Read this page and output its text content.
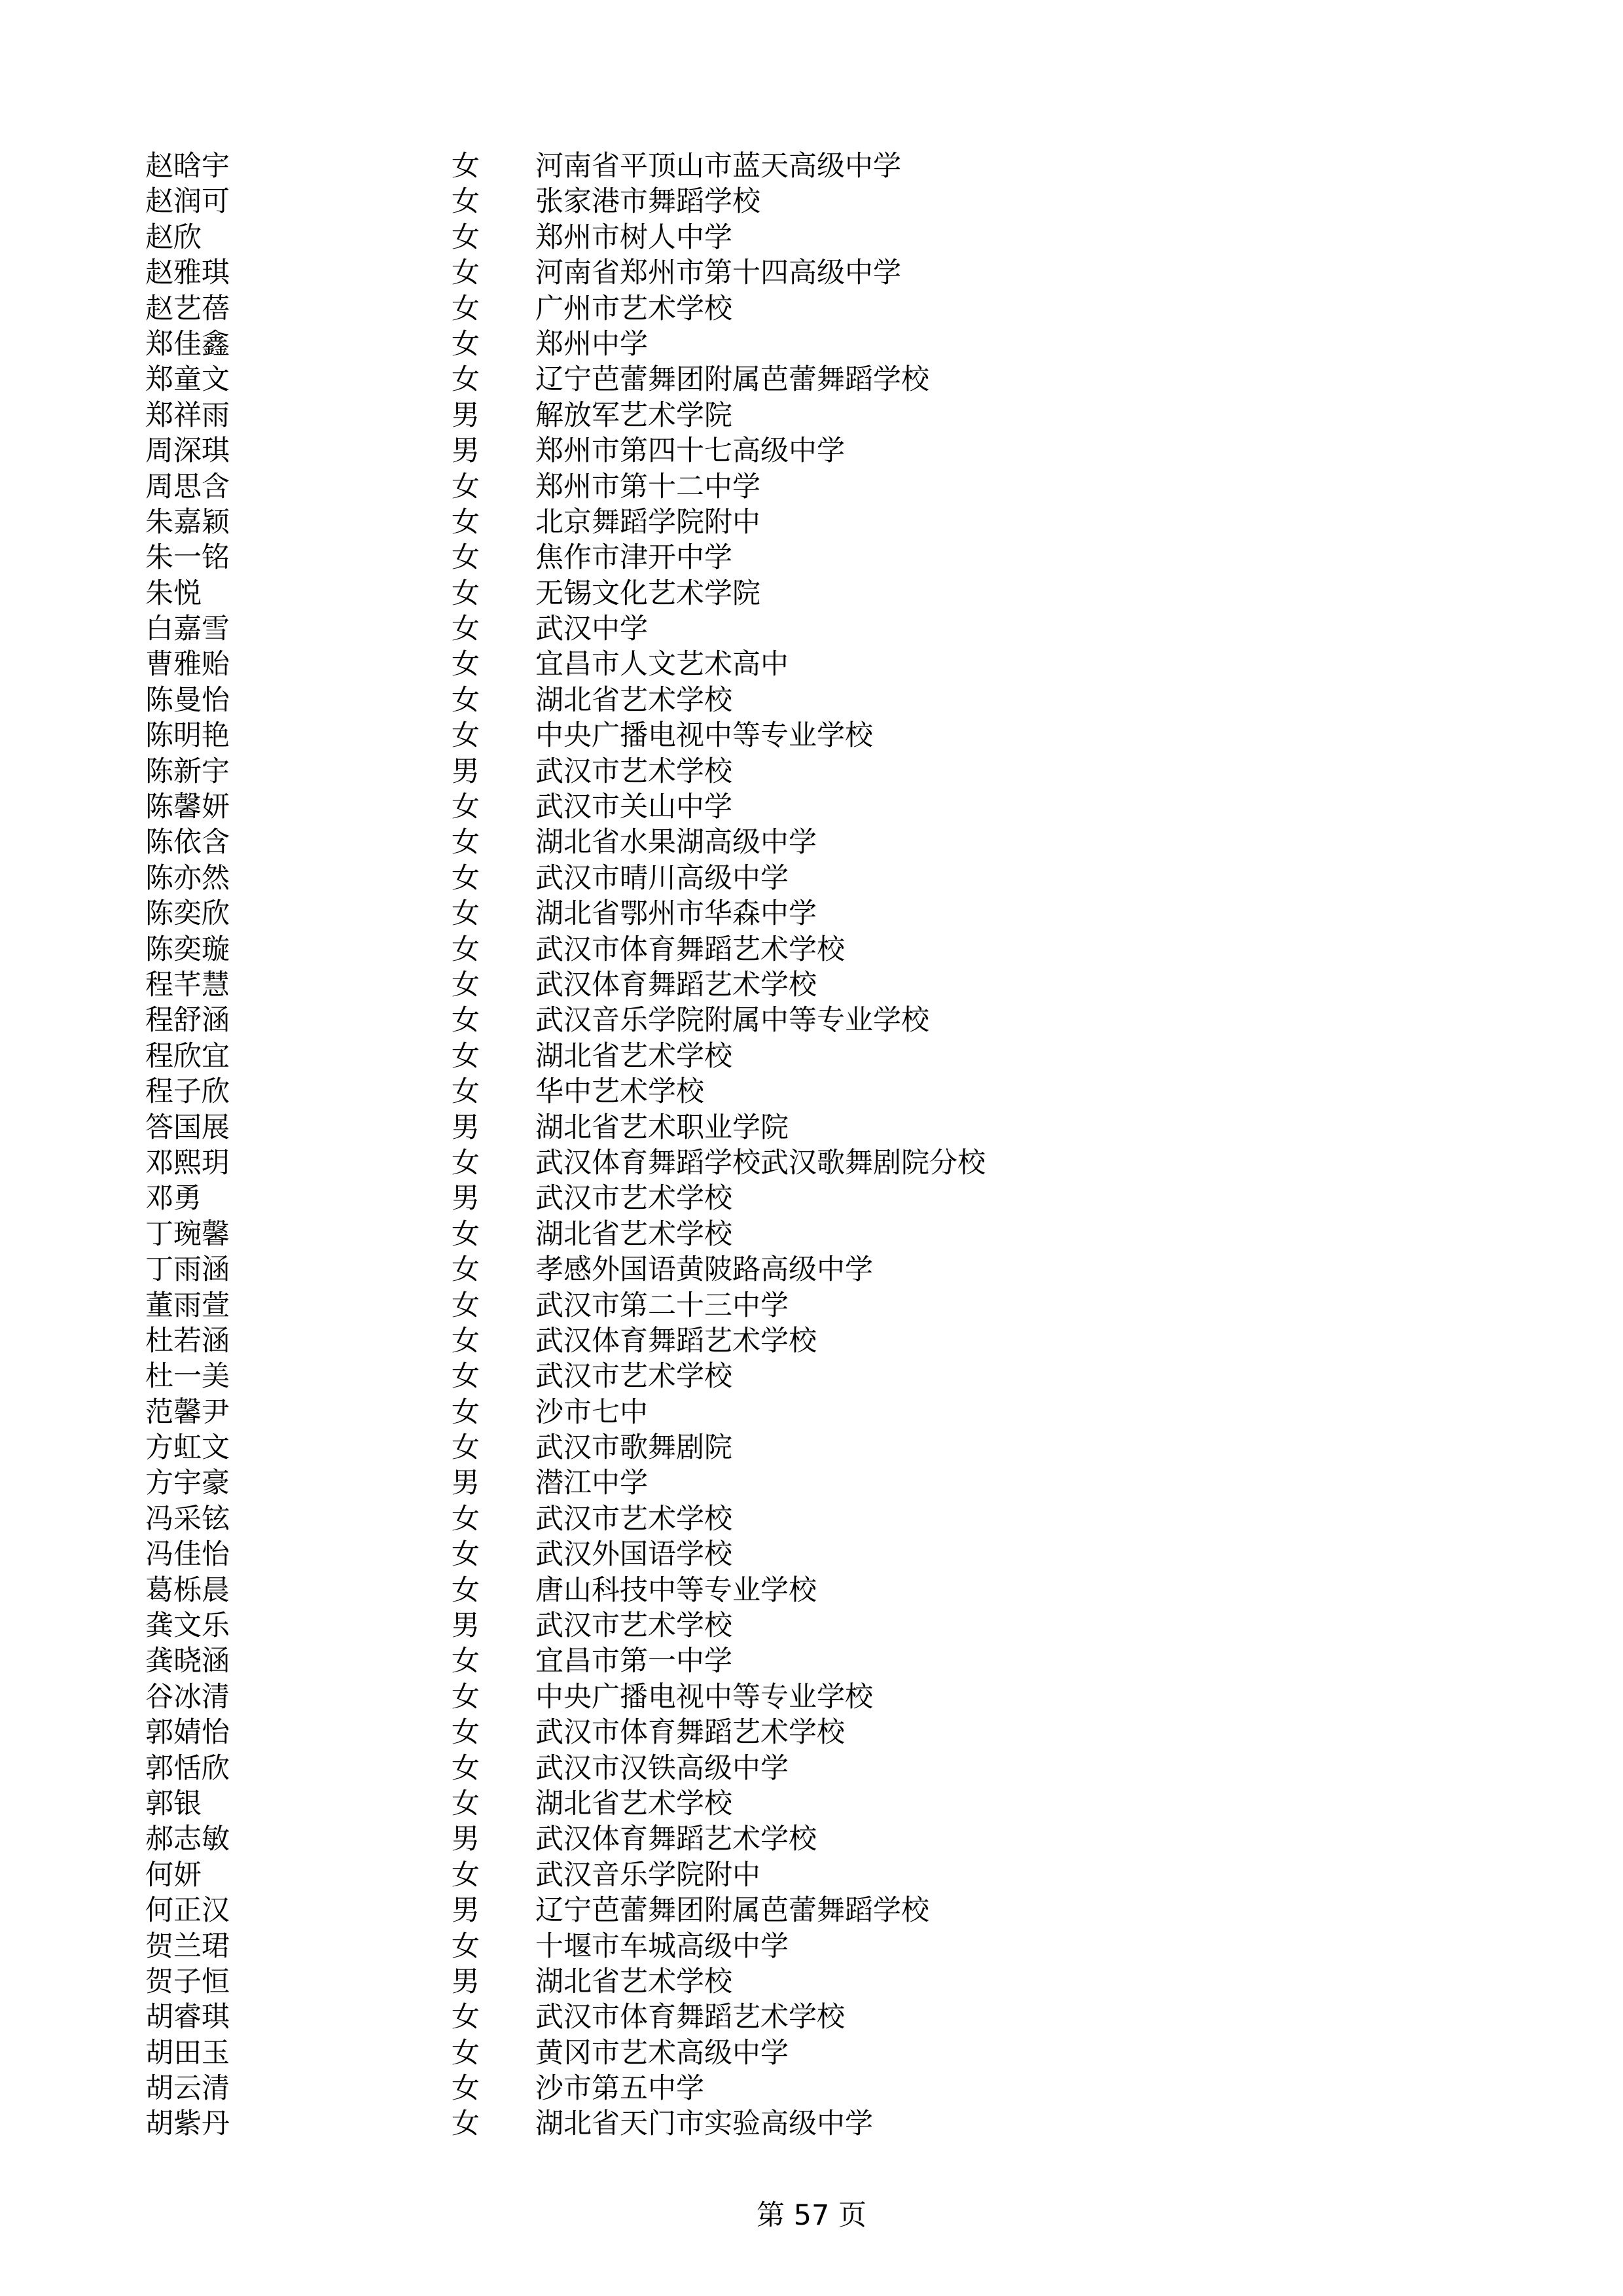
赵晗宇	女 河南省平顶山市蓝天高级中学
赵润可	女 张家港市舞蹈学校
赵欣	女 郑州市树人中学
赵雅琪	女 河南省郑州市第十四高级中学
赵艺蓓	女 广州市艺术学校
郑佳鑫	女 郑州中学
郑童文	女 辽宁芭蕾舞团附属芭蕾舞蹈学校
郑祥雨	男 解放军艺术学院
周深琪	男 郑州市第四十七高级中学
周思含	女 郑州市第十二中学
朱嘉颖	女 北京舞蹈学院附中
朱一铭	女 焦作市津开中学
朱悦	女 无锡文化艺术学院
白嘉雪	女 武汉中学
曹雅贻	女 宜昌市人文艺术高中
陈曼怡	女 湖北省艺术学校
陈明艳	女 中央广播电视中等专业学校
陈新宇	男 武汉市艺术学校
陈馨妍	女 武汉市关山中学
陈依含	女 湖北省水果湖高级中学
陈亦然	女 武汉市晴川高级中学
陈奕欣	女 湖北省鄂州市华森中学
陈奕璇	女 武汉市体育舞蹈艺术学校
程芊慧	女 武汉体育舞蹈艺术学校
程舒涵	女 武汉音乐学院附属中等专业学校
程欣宜	女 湖北省艺术学校
程子欣	女 华中艺术学校
答国展	男 湖北省艺术职业学院
邓熙玥	女 武汉体育舞蹈学校武汉歌舞剧院分校
邓勇	男 武汉市艺术学校
丁琬馨	女 湖北省艺术学校
丁雨涵	女 孝感外国语黄陂路高级中学
董雨萱	女 武汉市第二十三中学
杜若涵	女 武汉体育舞蹈艺术学校
杜一美	女 武汉市艺术学校
范馨尹	女 沙市七中
方虹文	女 武汉市歌舞剧院
方宇豪	男 潜江中学
冯采铉	女 武汉市艺术学校
冯佳怡	女 武汉外国语学校
葛栎晨	女 唐山科技中等专业学校
龚文乐	男 武汉市艺术学校
龚晓涵	女 宜昌市第一中学
谷冰清	女 中央广播电视中等专业学校
郭婧怡	女 武汉市体育舞蹈艺术学校
郭恬欣	女 武汉市汉铁高级中学
郭银	女 湖北省艺术学校
郝志敏	男 武汉体育舞蹈艺术学校
何妍	女 武汉音乐学院附中
何正汉	男 辽宁芭蕾舞团附属芭蕾舞蹈学校
贺兰珺	女 十堰市车城高级中学
贺子恒	男 湖北省艺术学校
胡睿琪	女 武汉市体育舞蹈艺术学校
胡田玉	女 黄冈市艺术高级中学
胡云清	女 沙市第五中学
胡紫丹	女 湖北省天门市实验高级中学
第 57 页
